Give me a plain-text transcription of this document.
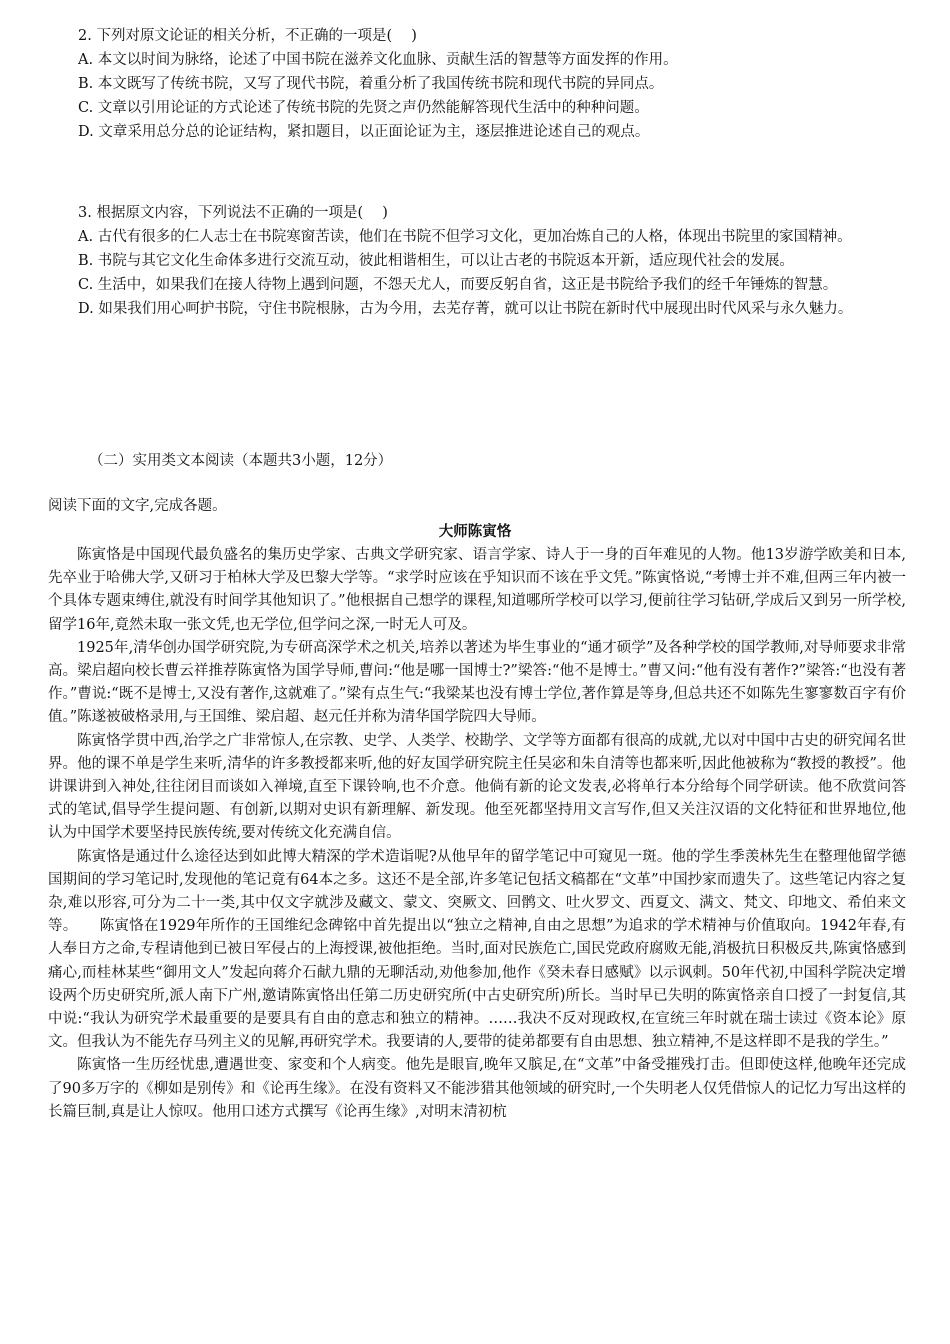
2. 下列对原文论证的相关分析，不正确的一项是(　 )

A. 本文以时间为脉络，论述了中国书院在滋养文化血脉、贡献生活的智慧等方面发挥的作用。

B. 本文既写了传统书院，又写了现代书院，着重分析了我国传统书院和现代书院的异同点。

C. 文章以引用论证的方式论述了传统书院的先贤之声仍然能解答现代生活中的种种问题。

D. 文章采用总分总的论证结构，紧扣题目，以正面论证为主，逐层推进论述自己的观点。

3. 根据原文内容，下列说法不正确的一项是(　 )

A. 古代有很多的仁人志士在书院寒窗苦读，他们在书院不但学习文化，更加冶炼自己的人格，体现出书院里的家国精神。

B. 书院与其它文化生命体多进行交流互动，彼此相谐相生，可以让古老的书院返本开新，适应现代社会的发展。

C. 生活中，如果我们在接人待物上遇到问题，不怨天尤人，而要反躬自省，这正是书院给予我们的经千年锤炼的智慧。

D. 如果我们用心呵护书院，守住书院根脉，古为今用，去芜存菁，就可以让书院在新时代中展现出时代风采与永久魅力。

（二）实用类文本阅读（本题共3小题，12分）

阅读下面的文字,完成各题。

大师陈寅恪

陈寅恪是中国现代最负盛名的集历史学家、古典文学研究家、语言学家、诗人于一身的百年难见的人物。他13岁游学欧美和日本,先卒业于哈佛大学,又研习于柏林大学及巴黎大学等。“求学时应该在乎知识而不该在乎文凭。”陈寅恪说,“考博士并不难,但两三年内被一个具体专题束缚住,就没有时间学其他知识了。”他根据自己想学的课程,知道哪所学校可以学习,便前往学习钻研,学成后又到另一所学校,留学16年,竟然未取一张文凭,也无学位,但学问之深,一时无人可及。

1925年,清华创办国学研究院,为专研高深学术之机关,培养以著述为毕生事业的“通才硕学”及各种学校的国学教师,对导师要求非常高。梁启超向校长曹云祥推荐陈寅恪为国学导师,曹问:“他是哪一国博士?”梁答:“他不是博士。”曹又问:“他有没有著作?”梁答:“也没有著作。”曹说:“既不是博士,又没有著作,这就难了。”梁有点生气:“我梁某也没有博士学位,著作算是等身,但总共还不如陈先生寥寥数百字有价值。”陈遂被破格录用,与王国维、梁启超、赵元任并称为清华国学院四大导师。

陈寅恪学贯中西,治学之广非常惊人,在宗教、史学、人类学、校勘学、文学等方面都有很高的成就,尤以对中国中古史的研究闻名世界。他的课不单是学生来听,清华的许多教授都来听,他的好友国学研究院主任吴宓和朱自清等也都来听,因此他被称为“教授的教授”。他讲课讲到入神处,往往闭目而谈如入禅境,直至下课铃响,也不介意。他倘有新的论文发表,必将单行本分给每个同学研读。他不欣赏问答式的笔试,倡导学生提问题、有创新,以期对史识有新理解、新发现。他至死都坚持用文言写作,但又关注汉语的文化特征和世界地位,他认为中国学术要坚持民族传统,要对传统文化充满自信。

陈寅恪是通过什么途径达到如此博大精深的学术造诣呢?从他早年的留学笔记中可窥见一斑。他的学生季羡林先生在整理他留学德国期间的学习笔记时,发现他的笔记竟有64本之多。这还不是全部,许多笔记包括文稿都在“文革”中国抄家而遗失了。这些笔记内容之复杂,难以形容,可分为二十一类,其中仅文字就涉及藏文、蒙文、突厥文、回鹘文、吐火罗文、西夏文、满文、梵文、印地文、希伯来文等。　　陈寅恪在1929年所作的王国维纪念碑铭中首先提出以“独立之精神,自由之思想”为追求的学术精神与价值取向。1942年春,有人奉日方之命,专程请他到已被日军侵占的上海授课,被他拒绝。当时,面对民族危亡,国民党政府腐败无能,消极抗日积极反共,陈寅恪感到痛心,而桂林某些“御用文人”发起向蒋介石献九鼎的无聊活动,劝他参加,他作《癸未春日感赋》以示讽刺。50年代初,中国科学院决定增设两个历史研究所,派人南下广州,邀请陈寅恪出任第二历史研究所(中古史研究所)所长。当时早已失明的陈寅恪亲自口授了一封复信,其中说:“我认为研究学术最重要的是要具有自由的意志和独立的精神。……我决不反对现政权,在宣统三年时就在瑞士读过《资本论》原文。但我认为不能先存马列主义的见解,再研究学术。我要请的人,要带的徒弟都要有自由思想、独立精神,不是这样即不是我的学生。”

陈寅恪一生历经忧患,遭遇世变、家变和个人病变。他先是眼盲,晚年又膑足,在“文革”中备受摧残打击。但即使这样,他晚年还完成了90多万字的《柳如是别传》和《论再生缘》。在没有资料又不能涉猎其他领域的研究时,一个失明老人仅凭借惊人的记忆力写出这样的长篇巨制,真是让人惊叹。他用口述方式撰写《论再生缘》,对明末清初杭
